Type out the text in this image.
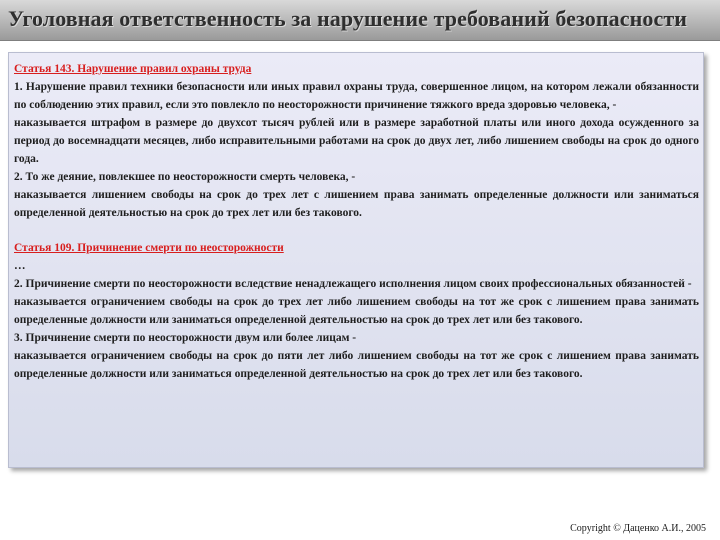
Уголовная ответственность за нарушение требований безопасности
Статья 143. Нарушение правил охраны труда

1. Нарушение правил техники безопасности или иных правил охраны труда, совершенное лицом, на котором лежали обязанности по соблюдению этих правил, если это повлекло по неосторожности причинение тяжкого вреда здоровью человека, -

наказывается штрафом в размере до двухсот тысяч рублей или в размере заработной платы или иного дохода осужденного за период до восемнадцати месяцев, либо исправительными работами на срок до двух лет, либо лишением свободы на срок до одного года.

2. То же деяние, повлекшее по неосторожности смерть человека, -

наказывается лишением свободы на срок до трех лет с лишением права занимать определенные должности или заниматься определенной деятельностью на срок до трех лет или без такового.

Статья 109. Причинение смерти по неосторожности

…

2. Причинение смерти по неосторожности вследствие ненадлежащего исполнения лицом своих профессиональных обязанностей -

наказывается ограничением свободы на срок до трех лет либо лишением свободы на тот же срок с лишением права занимать определенные должности или заниматься определенной деятельностью на срок до трех лет или без такового.

3. Причинение смерти по неосторожности двум или более лицам -

наказывается ограничением свободы на срок до пяти лет либо лишением свободы на тот же срок с лишением права занимать определенные должности или заниматься определенной деятельностью на срок до трех лет или без такового.

Copyright © Даценко А.И., 2005
